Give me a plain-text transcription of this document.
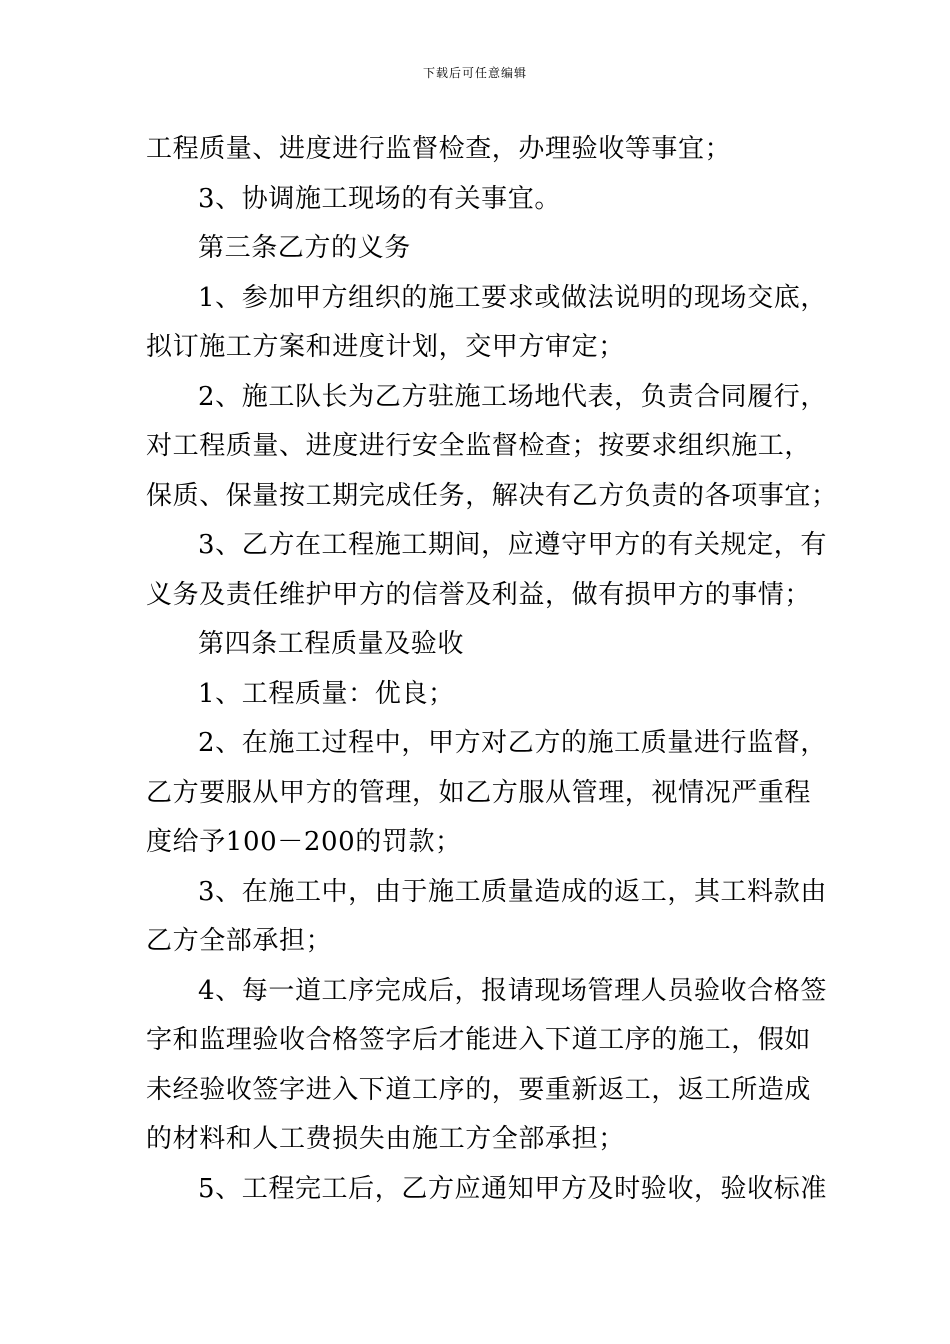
下载后可任意编辑
工程质量、进度进行监督检查，办理验收等事宜；
3、协调施工现场的有关事宜。
第三条乙方的义务
1、参加甲方组织的施工要求或做法说明的现场交底，
拟订施工方案和进度计划，交甲方审定；
2、施工队长为乙方驻施工场地代表，负责合同履行，
对工程质量、进度进行安全监督检查；按要求组织施工，
保质、保量按工期完成任务，解决有乙方负责的各项事宜；
3、乙方在工程施工期间，应遵守甲方的有关规定，有
义务及责任维护甲方的信誉及利益，做有损甲方的事情；
第四条工程质量及验收
1、工程质量：优良；
2、在施工过程中，甲方对乙方的施工质量进行监督，
乙方要服从甲方的管理，如乙方服从管理，视情况严重程
度给予100－200的罚款；
3、在施工中，由于施工质量造成的返工，其工料款由
乙方全部承担；
4、每一道工序完成后，报请现场管理人员验收合格签
字和监理验收合格签字后才能进入下道工序的施工，假如
未经验收签字进入下道工序的，要重新返工，返工所造成
的材料和人工费损失由施工方全部承担；
5、工程完工后，乙方应通知甲方及时验收，验收标准
